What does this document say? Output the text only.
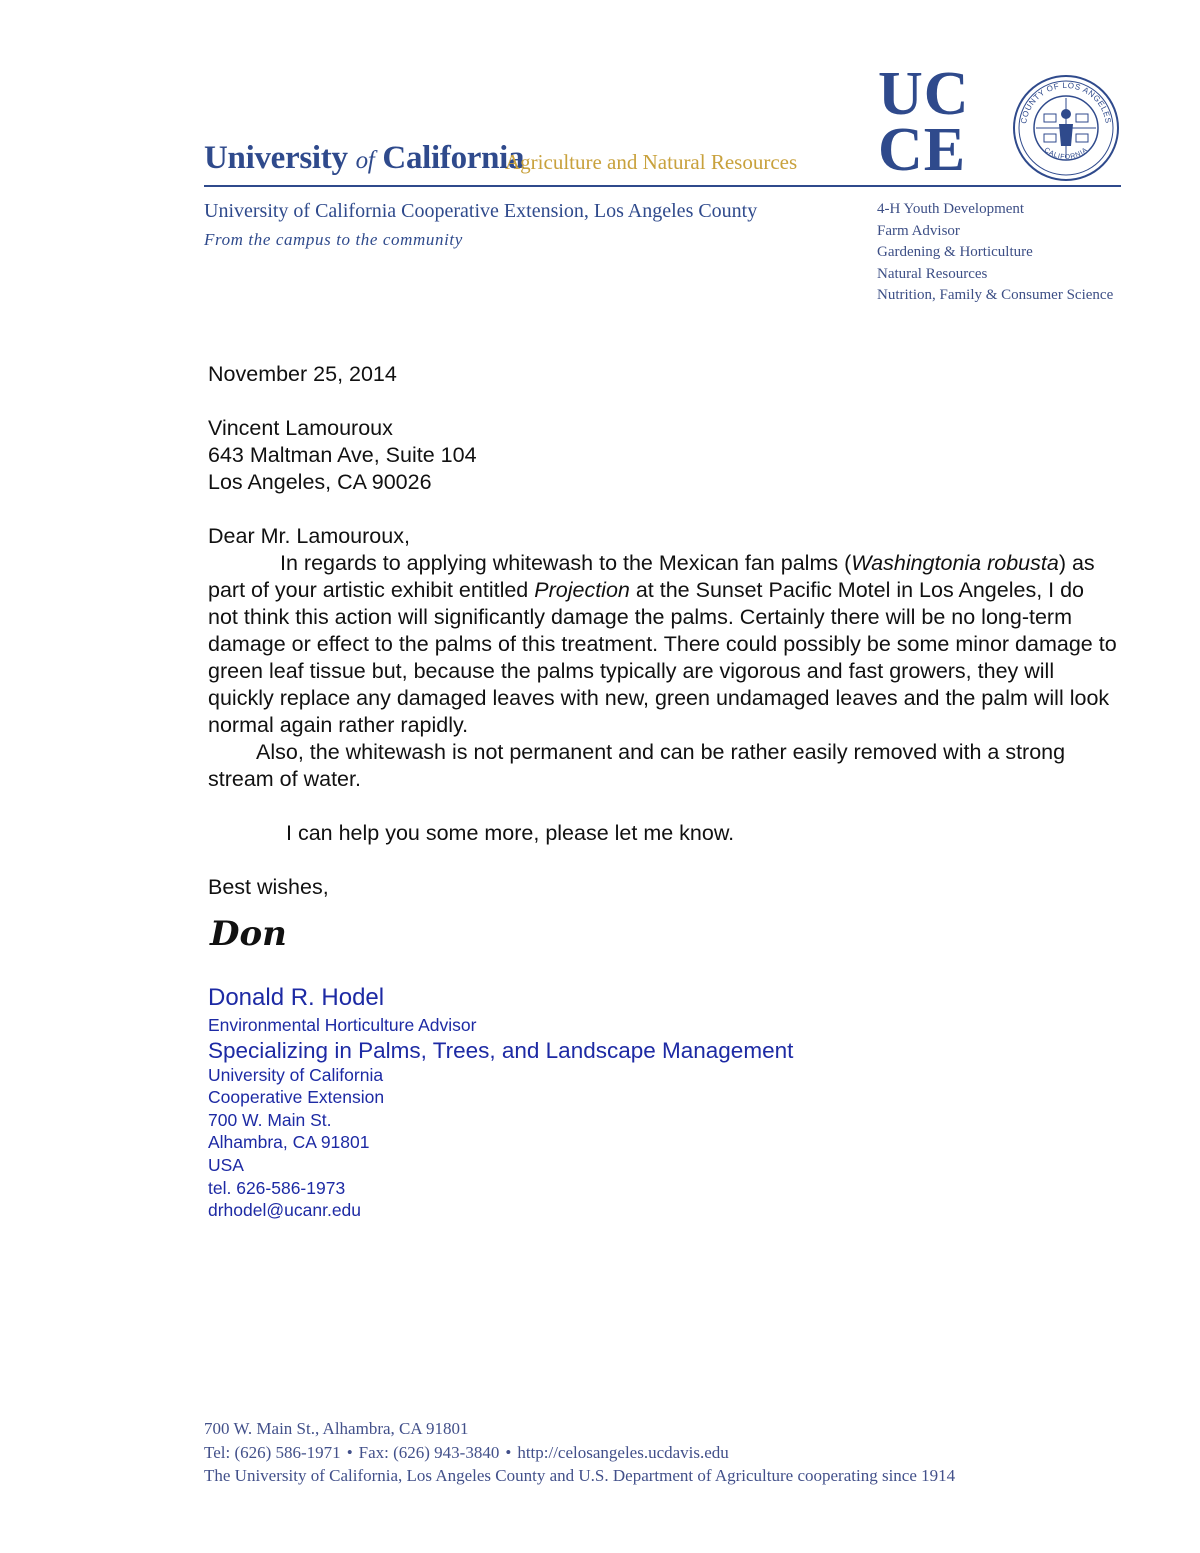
University of California
Agriculture and Natural Resources
UC
CE	COUNTY OF LOS ANGELES
CALIFORNIA
University of California Cooperative Extension, Los Angeles County
From the campus to the community
4-H Youth Development
Farm Advisor
Gardening & Horticulture
Natural Resources
Nutrition, Family & Consumer Science

November 25, 2014

Vincent Lamouroux

643 Maltman Ave, Suite 104

Los Angeles, CA 90026

Dear Mr. Lamouroux,

In regards to applying whitewash to the Mexican fan palms (Washingtonia robusta) as part of your artistic exhibit entitled Projection at the Sunset Pacific Motel in Los Angeles, I do not think this action will significantly damage the palms. Certainly there will be no long-term damage or effect to the palms of this treatment. There could possibly be some minor damage to green leaf tissue but, because the palms typically are vigorous and fast growers, they will quickly replace any damaged leaves with new, green undamaged leaves and the palm will look normal again rather rapidly.

Also, the whitewash is not permanent and can be rather easily removed with a strong stream of water.

I can help you some more, please let me know.

Best wishes,

Don
Donald R. Hodel
Environmental Horticulture Advisor
Specializing in Palms, Trees, and Landscape Management
University of California
Cooperative Extension
700 W. Main St.
Alhambra, CA 91801
USA
tel. 626-586-1973
drhodel@ucanr.edu
700 W. Main St., Alhambra, CA 91801
Tel: (626) 586-1971 • Fax: (626) 943-3840 • http://celosangeles.ucdavis.edu
The University of California, Los Angeles County and U.S. Department of Agriculture cooperating since 1914
